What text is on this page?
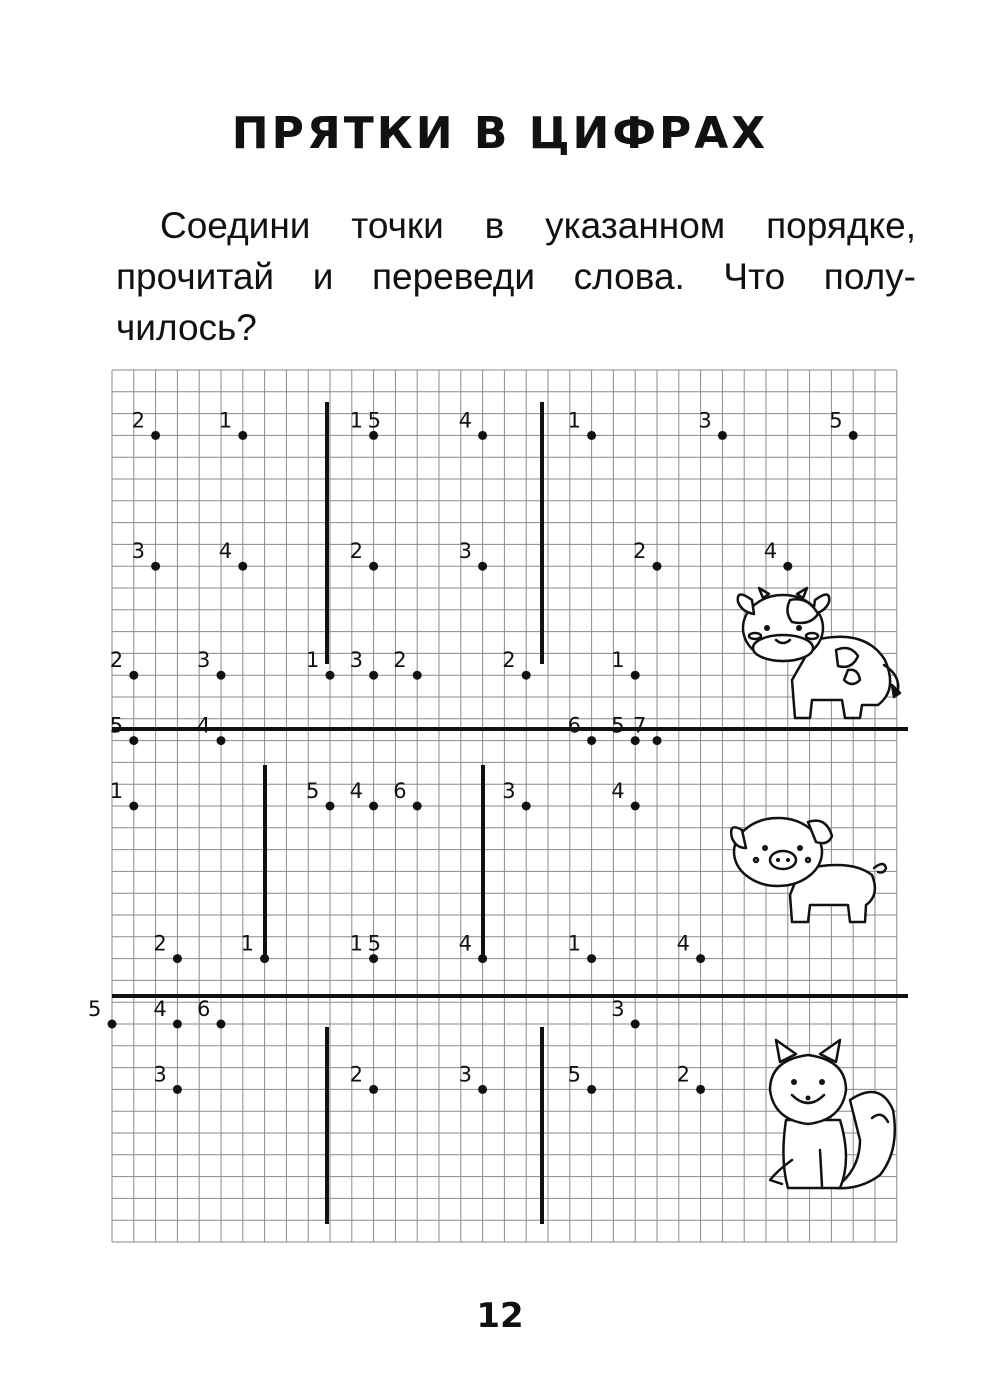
ПРЯТКИ В ЦИФРАХ

Соедини точки в указанном порядке,

прочитай и переведи слова. Что полу-

чилось?

1
2
3	4
1 5
2	3
4	1
2
3
4
5
1
2	3
4
5
1	2
3
4
5	6
1
2
3	4
5
6 7
1
2
3
4
5	6
1 5
2	3
4	1
2
3
4
5

12
